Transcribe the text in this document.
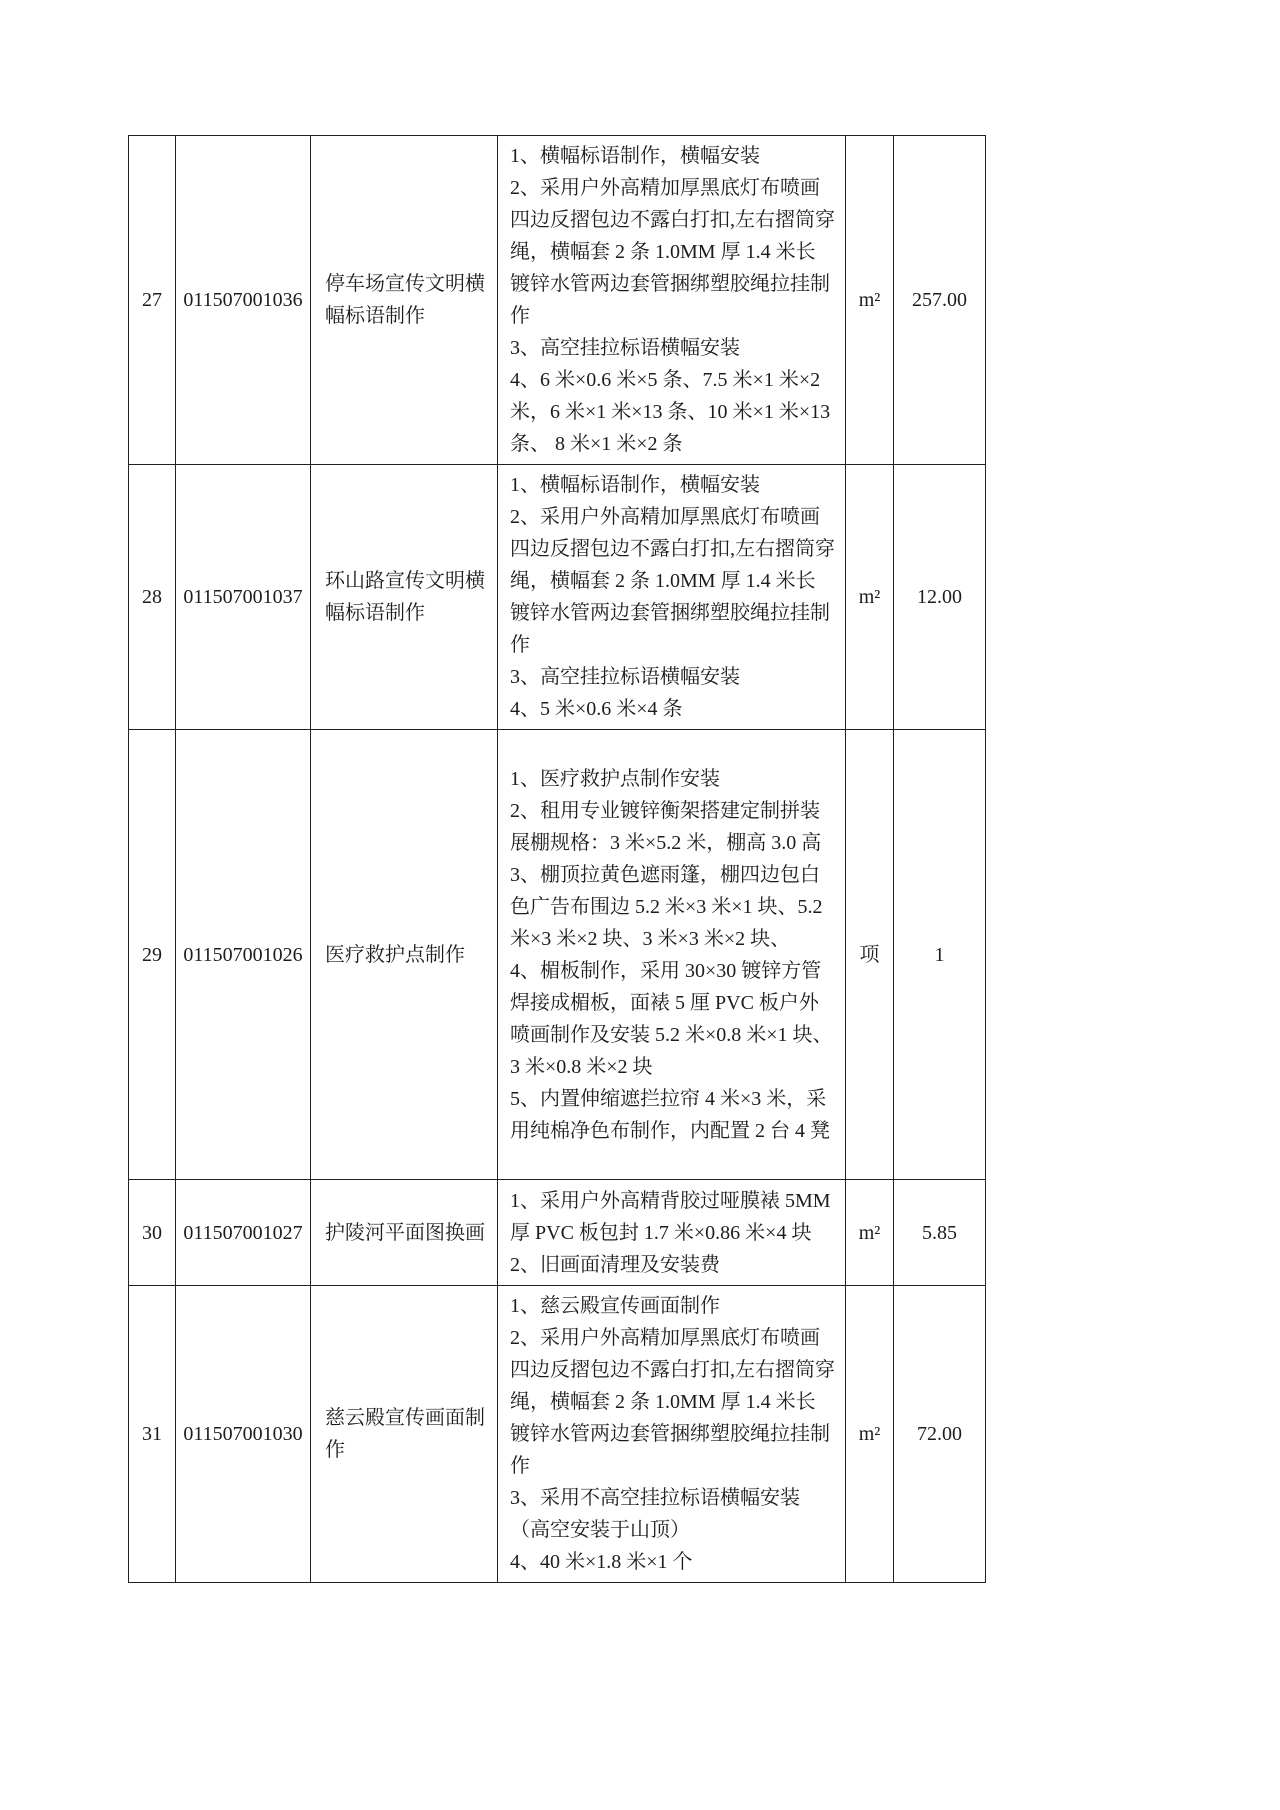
27	011507001036	停车场宣传文明横幅标语制作	1、横幅标语制作，横幅安装
2、采用户外高精加厚黑底灯布喷画四边反摺包边不露白打扣,左右摺筒穿绳，横幅套 2 条 1.0MM 厚 1.4 米长镀锌水管两边套管捆绑塑胶绳拉挂制作
3、高空挂拉标语横幅安装
4、6 米×0.6 米×5 条、7.5 米×1 米×2 米，6 米×1 米×13 条、10 米×1 米×13 条、 8 米×1 米×2 条	m²	257.00
28	011507001037	环山路宣传文明横幅标语制作	1、横幅标语制作，横幅安装
2、采用户外高精加厚黑底灯布喷画四边反摺包边不露白打扣,左右摺筒穿绳，横幅套 2 条 1.0MM 厚 1.4 米长镀锌水管两边套管捆绑塑胶绳拉挂制作
3、高空挂拉标语横幅安装
4、5 米×0.6 米×4 条	m²	12.00
29	011507001026	医疗救护点制作	1、医疗救护点制作安装
2、租用专业镀锌衡架搭建定制拼装展棚规格：3 米×5.2 米，棚高 3.0 高
3、棚顶拉黄色遮雨篷，棚四边包白色广告布围边 5.2 米×3 米×1 块、5.2 米×3 米×2 块、3 米×3 米×2 块、
4、楣板制作，采用 30×30 镀锌方管焊接成楣板，面裱 5 厘 PVC 板户外喷画制作及安装 5.2 米×0.8 米×1 块、3 米×0.8 米×2 块
5、内置伸缩遮拦拉帘 4 米×3 米，采用纯棉净色布制作，内配置 2 台 4 凳	项	1
30	011507001027	护陵河平面图换画	1、采用户外高精背胶过哑膜裱 5MM 厚 PVC 板包封 1.7 米×0.86 米×4 块
2、旧画面清理及安装费	m²	5.85
31	011507001030	慈云殿宣传画面制作	1、慈云殿宣传画面制作
2、采用户外高精加厚黑底灯布喷画四边反摺包边不露白打扣,左右摺筒穿绳，横幅套 2 条 1.0MM 厚 1.4 米长镀锌水管两边套管捆绑塑胶绳拉挂制作
3、采用不高空挂拉标语横幅安装（高空安装于山顶）
4、40 米×1.8 米×1 个	m²	72.00
